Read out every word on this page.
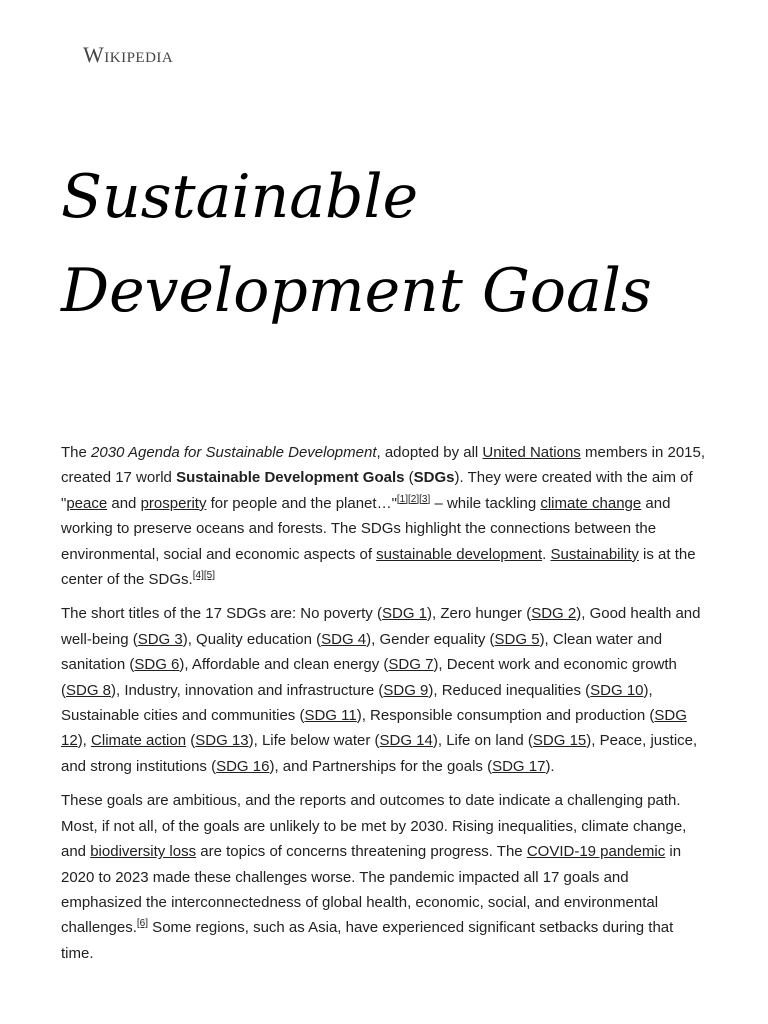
Wikipedia
Sustainable
Development Goals

The 2030 Agenda for Sustainable Development, adopted by all United Nations members in 2015, created 17 world Sustainable Development Goals (SDGs). They were created with the aim of "peace and prosperity for people and the planet…"[1][2][3] – while tackling climate change and working to preserve oceans and forests. The SDGs highlight the connections between the environmental, social and economic aspects of sustainable development. Sustainability is at the center of the SDGs.[4][5]

The short titles of the 17 SDGs are: No poverty (SDG 1), Zero hunger (SDG 2), Good health and well-being (SDG 3), Quality education (SDG 4), Gender equality (SDG 5), Clean water and sanitation (SDG 6), Affordable and clean energy (SDG 7), Decent work and economic growth (SDG 8), Industry, innovation and infrastructure (SDG 9), Reduced inequalities (SDG 10), Sustainable cities and communities (SDG 11), Responsible consumption and production (SDG 12), Climate action (SDG 13), Life below water (SDG 14), Life on land (SDG 15), Peace, justice, and strong institutions (SDG 16), and Partnerships for the goals (SDG 17).

These goals are ambitious, and the reports and outcomes to date indicate a challenging path. Most, if not all, of the goals are unlikely to be met by 2030. Rising inequalities, climate change, and biodiversity loss are topics of concerns threatening progress. The COVID-19 pandemic in 2020 to 2023 made these challenges worse. The pandemic impacted all 17 goals and emphasized the interconnectedness of global health, economic, social, and environmental challenges.[6] Some regions, such as Asia, have experienced significant setbacks during that time.
